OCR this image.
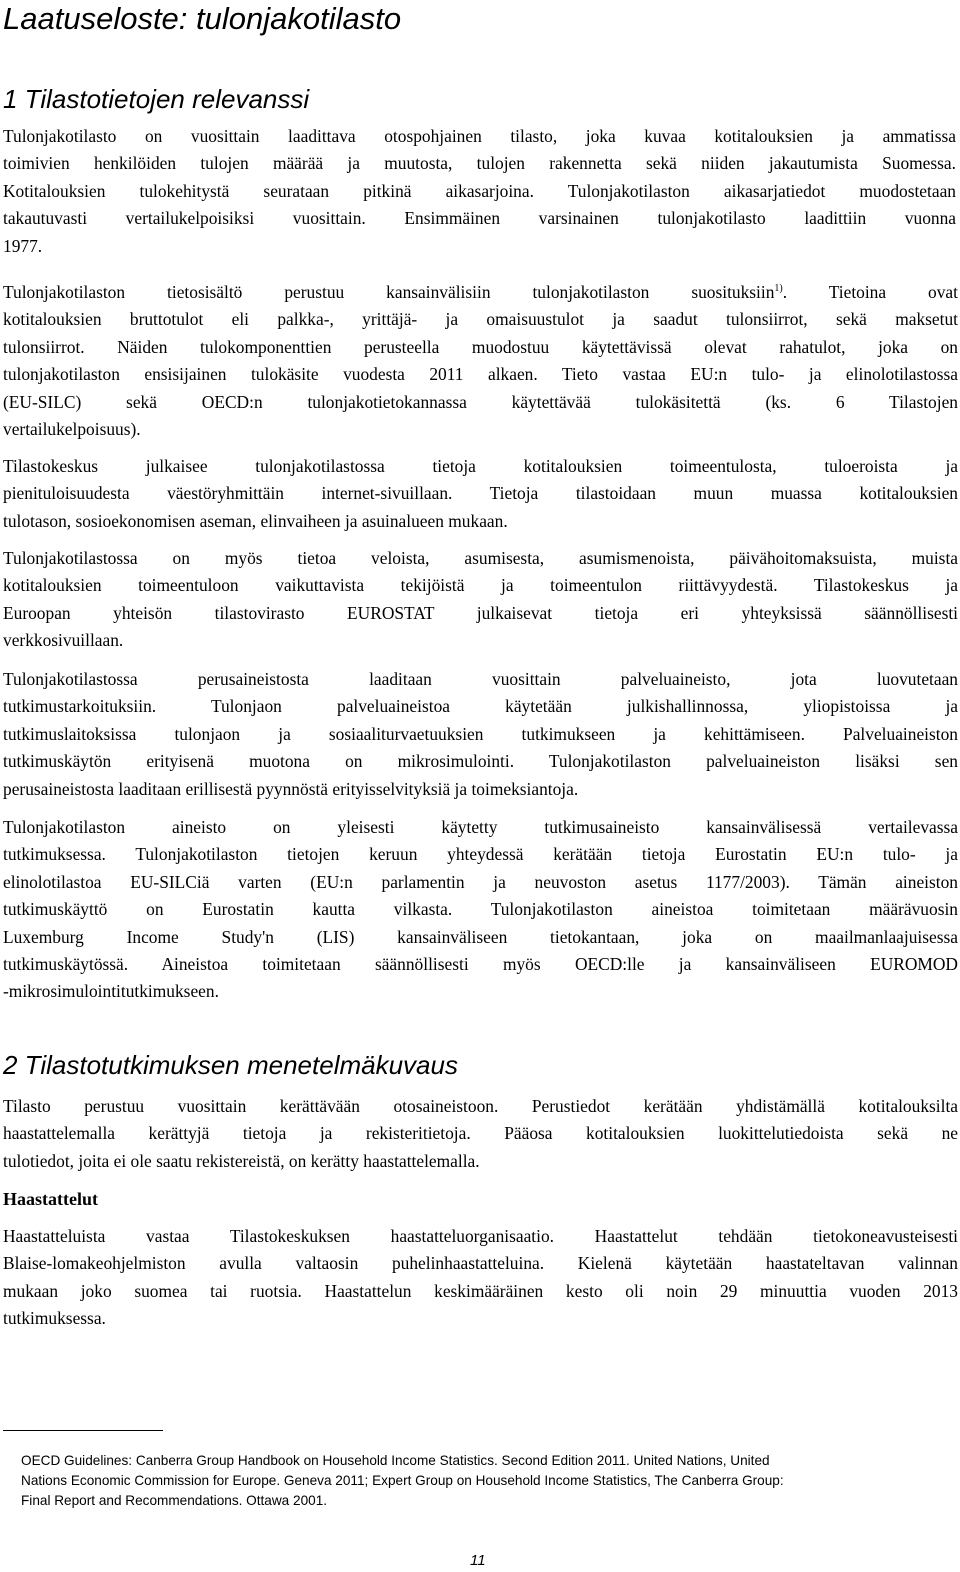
Laatuseloste: tulonjakotilasto
1 Tilastotietojen relevanssi

Tulonjakotilasto on vuosittain laadittava otospohjainen tilasto, joka kuvaa kotitalouksien ja ammatissa
toimivien henkilöiden tulojen määrää ja muutosta, tulojen rakennetta sekä niiden jakautumista Suomessa.
Kotitalouksien tulokehitystä seurataan pitkinä aikasarjoina. Tulonjakotilaston aikasarjatiedot muodostetaan
takautuvasti vertailukelpoisiksi vuosittain. Ensimmäinen varsinainen tulonjakotilasto laadittiin vuonna
1977.

Tulonjakotilaston tietosisältö perustuu kansainvälisiin tulonjakotilaston suosituksiin$^{1)}$. Tietoina ovat
kotitalouksien bruttotulot eli palkka-, yrittäjä- ja omaisuustulot ja saadut tulonsiirrot, sekä maksetut
tulonsiirrot. Näiden tulokomponenttien perusteella muodostuu käytettävissä olevat rahatulot, joka on
tulonjakotilaston ensisijainen tulokäsite vuodesta 2011 alkaen. Tieto vastaa EU:n tulo- ja elinolotilastossa
(EU-SILC) sekä OECD:n tulonjakotietokannassa käytettävää tulokäsitettä (ks. 6 Tilastojen
vertailukelpoisuus).

Tilastokeskus julkaisee tulonjakotilastossa tietoja kotitalouksien toimeentulosta, tuloeroista ja
pienituloisuudesta väestöryhmittäin internet-sivuillaan. Tietoja tilastoidaan muun muassa kotitalouksien
tulotason, sosioekonomisen aseman, elinvaiheen ja asuinalueen mukaan.

Tulonjakotilastossa on myös tietoa veloista, asumisesta, asumismenoista, päivähoitomaksuista, muista
kotitalouksien toimeentuloon vaikuttavista tekijöistä ja toimeentulon riittävyydestä. Tilastokeskus ja
Euroopan yhteisön tilastovirasto EUROSTAT julkaisevat tietoja eri yhteyksissä säännöllisesti
verkkosivuillaan.

Tulonjakotilastossa perusaineistosta laaditaan vuosittain palveluaineisto, jota luovutetaan
tutkimustarkoituksiin. Tulonjaon palveluaineistoa käytetään julkishallinnossa, yliopistoissa ja
tutkimuslaitoksissa tulonjaon ja sosiaaliturvaetuuksien tutkimukseen ja kehittämiseen. Palveluaineiston
tutkimuskäytön erityisenä muotona on mikrosimulointi. Tulonjakotilaston palveluaineiston lisäksi sen
perusaineistosta laaditaan erillisestä pyynnöstä erityisselvityksiä ja toimeksiantoja.

Tulonjakotilaston aineisto on yleisesti käytetty tutkimusaineisto kansainvälisessä vertailevassa
tutkimuksessa. Tulonjakotilaston tietojen keruun yhteydessä kerätään tietoja Eurostatin EU:n tulo- ja
elinolotilastoa EU-SILCiä varten (EU:n parlamentin ja neuvoston asetus 1177/2003). Tämän aineiston
tutkimuskäyttö on Eurostatin kautta vilkasta. Tulonjakotilaston aineistoa toimitetaan määrävuosin
Luxemburg Income Study'n (LIS) kansainväliseen tietokantaan, joka on maailmanlaajuisessa
tutkimuskäytössä. Aineistoa toimitetaan säännöllisesti myös OECD:lle ja kansainväliseen EUROMOD
-mikrosimulointitutkimukseen.

2 Tilastotutkimuksen menetelmäkuvaus

Tilasto perustuu vuosittain kerättävään otosaineistoon. Perustiedot kerätään yhdistämällä kotitalouksilta
haastattelemalla kerättyjä tietoja ja rekisteritietoja. Pääosa kotitalouksien luokittelutiedoista sekä ne
tulotiedot, joita ei ole saatu rekistereistä, on kerätty haastattelemalla.

Haastattelut

Haastatteluista vastaa Tilastokeskuksen haastatteluorganisaatio. Haastattelut tehdään tietokoneavusteisesti
Blaise-lomakeohjelmiston avulla valtaosin puhelinhaastatteluina. Kielenä käytetään haastateltavan valinnan
mukaan joko suomea tai ruotsia. Haastattelun keskimääräinen kesto oli noin 29 minuuttia vuoden 2013
tutkimuksessa.

OECD Guidelines: Canberra Group Handbook on Household Income Statistics. Second Edition 2011. United Nations, United
Nations Economic Commission for Europe. Geneva 2011; Expert Group on Household Income Statistics, The Canberra Group:
Final Report and Recommendations. Ottawa 2001.
11
